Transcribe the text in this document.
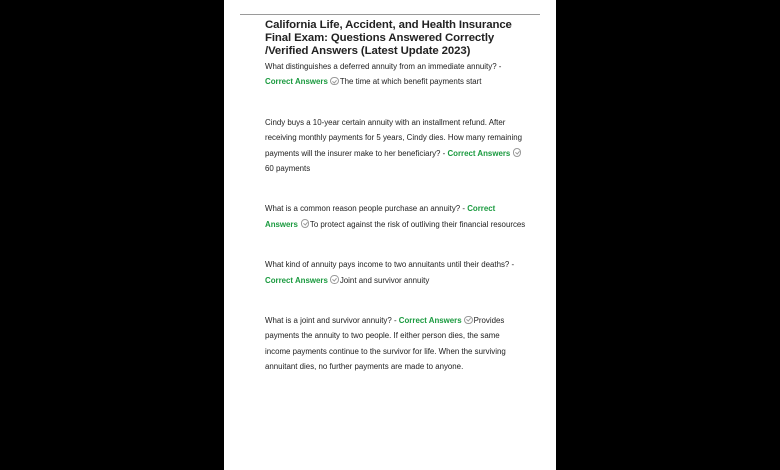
California Life, Accident, and Health Insurance Final Exam: Questions Answered Correctly /Verified Answers (Latest Update 2023)

What distinguishes a deferred annuity from an immediate annuity? - Correct Answers  The time at which benefit payments start

Cindy buys a 10-year certain annuity with an installment refund. After receiving monthly payments for 5 years, Cindy dies. How many remaining payments will the insurer make to her beneficiary? - Correct Answers 60 payments

What is a common reason people purchase an annuity? - Correct Answers  To protect against the risk of outliving their financial resources

What kind of annuity pays income to two annuitants until their deaths? - Correct Answers  Joint and survivor annuity

What is a joint and survivor annuity? - Correct Answers  Provides payments the annuity to two people. If either person dies, the same income payments continue to the survivor for life. When the surviving annuitant dies, no further payments are made to anyone.
